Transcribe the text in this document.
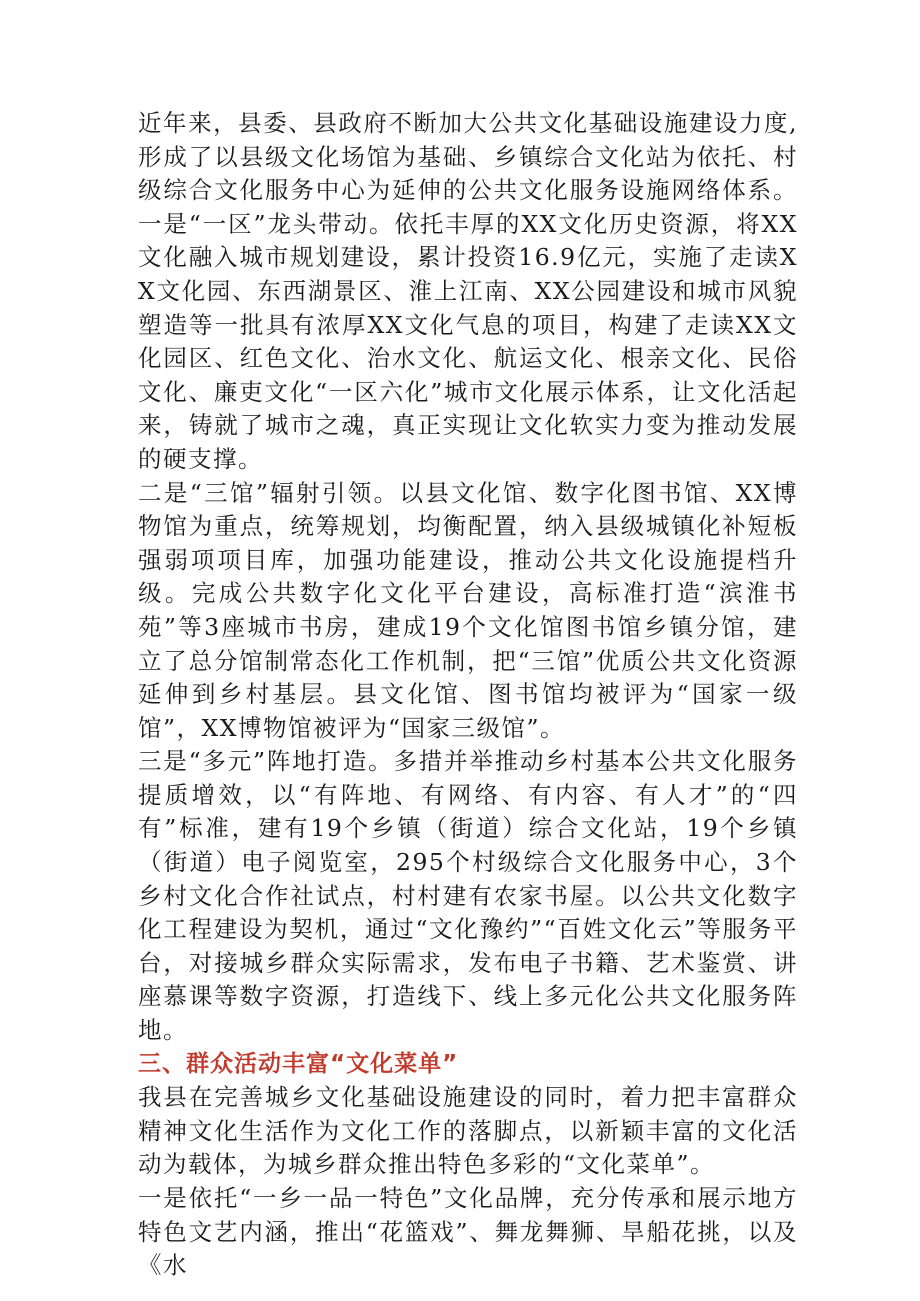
近年来，县委、县政府不断加大公共文化基础设施建设力度,形成了以县级文化场馆为基础、乡镇综合文化站为依托、村级综合文化服务中心为延伸的公共文化服务设施网络体系。一是“一区”龙头带动。依托丰厚的XX文化历史资源，将XX文化融入城市规划建设，累计投资16.9亿元，实施了走读XX文化园、东西湖景区、淮上江南、XX公园建设和城市风貌塑造等一批具有浓厚XX文化气息的项目，构建了走读XX文化园区、红色文化、治水文化、航运文化、根亲文化、民俗文化、廉吏文化“一区六化”城市文化展示体系，让文化活起来，铸就了城市之魂，真正实现让文化软实力变为推动发展的硬支撑。

二是“三馆”辐射引领。以县文化馆、数字化图书馆、XX博物馆为重点，统筹规划，均衡配置，纳入县级城镇化补短板强弱项项目库，加强功能建设，推动公共文化设施提档升级。完成公共数字化文化平台建设，高标准打造“滨淮书苑”等3座城市书房，建成19个文化馆图书馆乡镇分馆，建立了总分馆制常态化工作机制，把“三馆”优质公共文化资源延伸到乡村基层。县文化馆、图书馆均被评为“国家一级馆”，XX博物馆被评为“国家三级馆”。

三是“多元”阵地打造。多措并举推动乡村基本公共文化服务提质增效，以“有阵地、有网络、有内容、有人才”的“四有”标准，建有19个乡镇（街道）综合文化站，19个乡镇（街道）电子阅览室，295个村级综合文化服务中心，3个乡村文化合作社试点，村村建有农家书屋。以公共文化数字化工程建设为契机，通过“文化豫约”“百姓文化云”等服务平台，对接城乡群众实际需求，发布电子书籍、艺术鉴赏、讲座慕课等数字资源，打造线下、线上多元化公共文化服务阵地。

三、群众活动丰富“文化菜单”

我县在完善城乡文化基础设施建设的同时，着力把丰富群众精神文化生活作为文化工作的落脚点，以新颖丰富的文化活动为载体，为城乡群众推出特色多彩的“文化菜单”。

一是依托“一乡一品一特色”文化品牌，充分传承和展示地方特色文艺内涵，推出“花篮戏”、舞龙舞狮、旱船花挑，以及《水
